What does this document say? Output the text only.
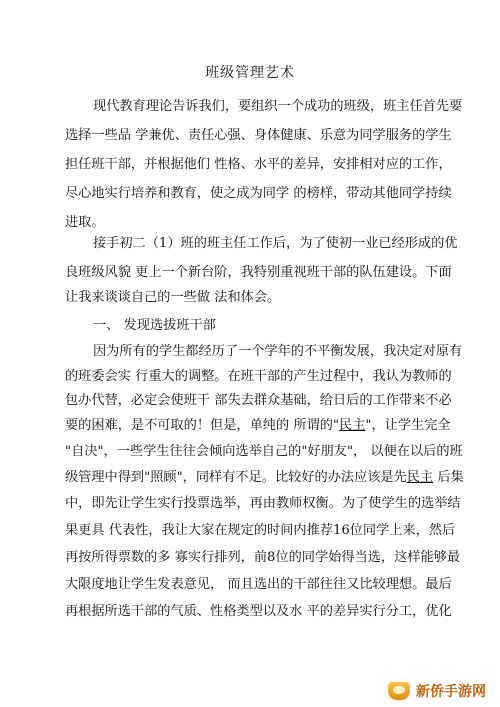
班级管理艺术
现代教育理论告诉我们，要组织一个成功的班级，班主任首先要
选择一些品 学兼优、责任心强、身体健康、乐意为同学服务的学生
担任班干部，并根据他们 性格、水平的差异，安排相对应的工作，
尽心地实行培养和教育，使之成为同学 的榜样，带动其他同学持续
进取。
接手初二（1）班的班主任工作后，为了使初一业已经形成的优
良班级风貌 更上一个新台阶，我特别重视班干部的队伍建设。下面
让我来谈谈自己的一些做 法和体会。
一、 发现选拔班干部
因为所有的学生都经历了一个学年的不平衡发展，我决定对原有
的班委会实 行重大的调整。在班干部的产生过程中，我认为教师的
包办代替，必定会使班干 部失去群众基础，给日后的工作带来不必
要的困难，是不可取的！但是，单纯的 所谓的"民主"，让学生完全
"自决"，一些学生往往会倾向选举自己的"好朋友"， 以便在以后的班
级管理中得到"照顾"，同样有不足。比较好的办法应该是先民主 后集
中，即先让学生实行投票选举，再由教师权衡。为了使学生的选举结
果更具 代表性，我让大家在规定的时间内推荐16位同学上来，然后
再按所得票数的多 寡实行排列，前8位的同学始得当选，这样能够最
大限度地让学生发表意见， 而且选出的干部往往又比较理想。最后
再根据所选干部的气质、性格类型以及水 平的差异实行分工，优化
新侨手游网
